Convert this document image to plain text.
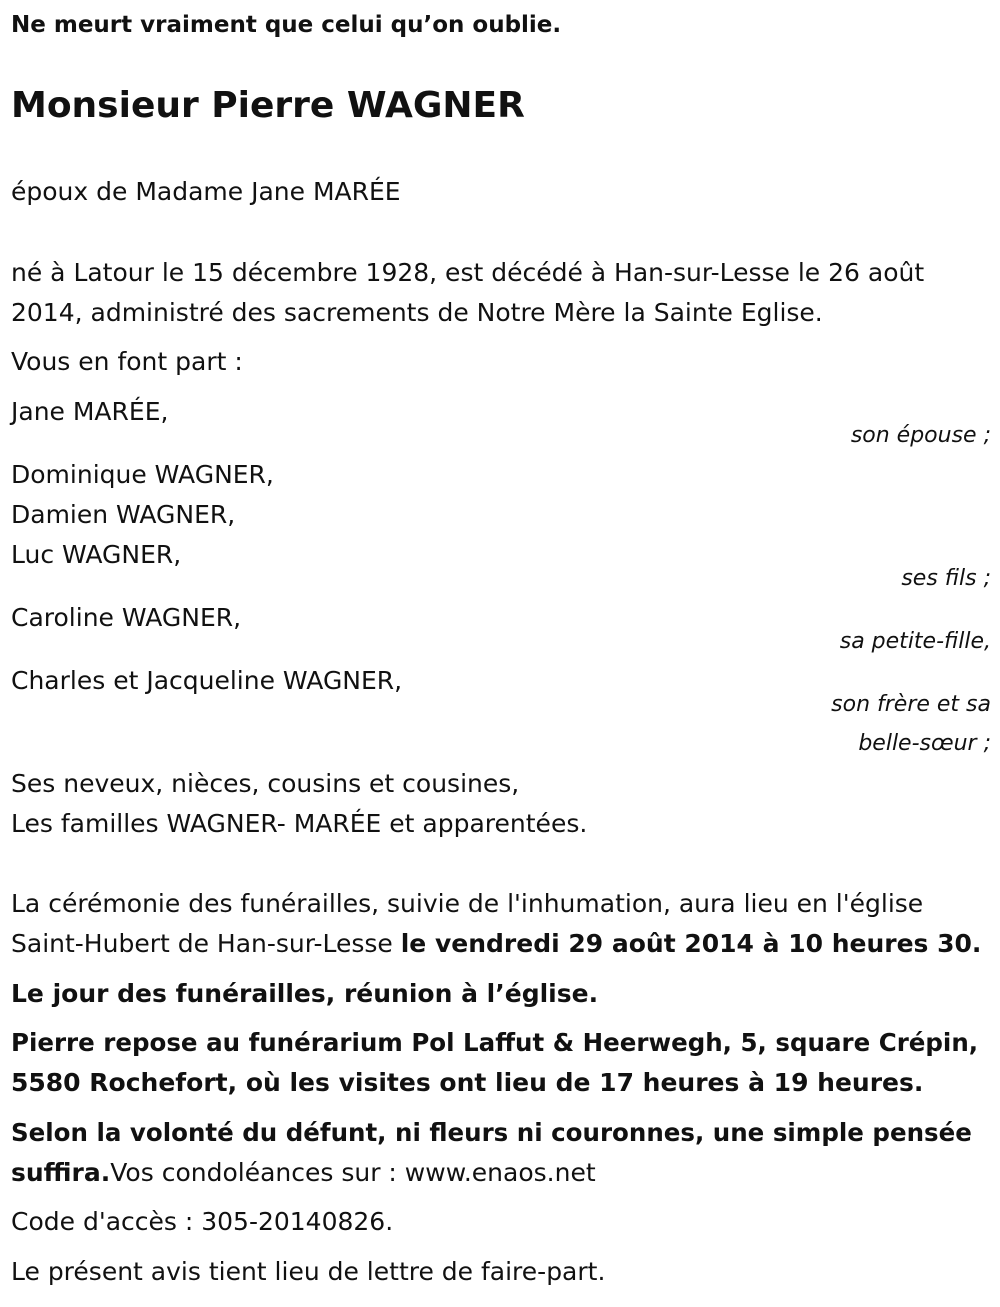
Ne meurt vraiment que celui qu’on oublie.
Monsieur Pierre WAGNER
époux de Madame Jane MARÉE
né à Latour le 15 décembre 1928, est décédé à Han-sur-Lesse le 26 août
2014, administré des sacrements de Notre Mère la Sainte Eglise.
Vous en font part :
Jane MARÉE,
son épouse ;
Dominique WAGNER,
Damien WAGNER,
Luc WAGNER,
ses fils ;
Caroline WAGNER,
sa petite-fille,
Charles et Jacqueline WAGNER,
son frère et sa
belle-sœur ;
Ses neveux, nièces, cousins et cousines,
Les familles WAGNER- MARÉE et apparentées.
La cérémonie des funérailles, suivie de l'inhumation, aura lieu en l'église
Saint-Hubert de Han-sur-Lesse le vendredi 29 août 2014 à 10 heures 30.
Le jour des funérailles, réunion à l’église.
Pierre repose au funérarium Pol Laffut & Heerwegh, 5, square Crépin,
5580 Rochefort, où les visites ont lieu de 17 heures à 19 heures.
Selon la volonté du défunt, ni fleurs ni couronnes, une simple pensée
suffira.Vos condoléances sur : www.enaos.net
Code d'accès : 305-20140826.
Le présent avis tient lieu de lettre de faire-part.
